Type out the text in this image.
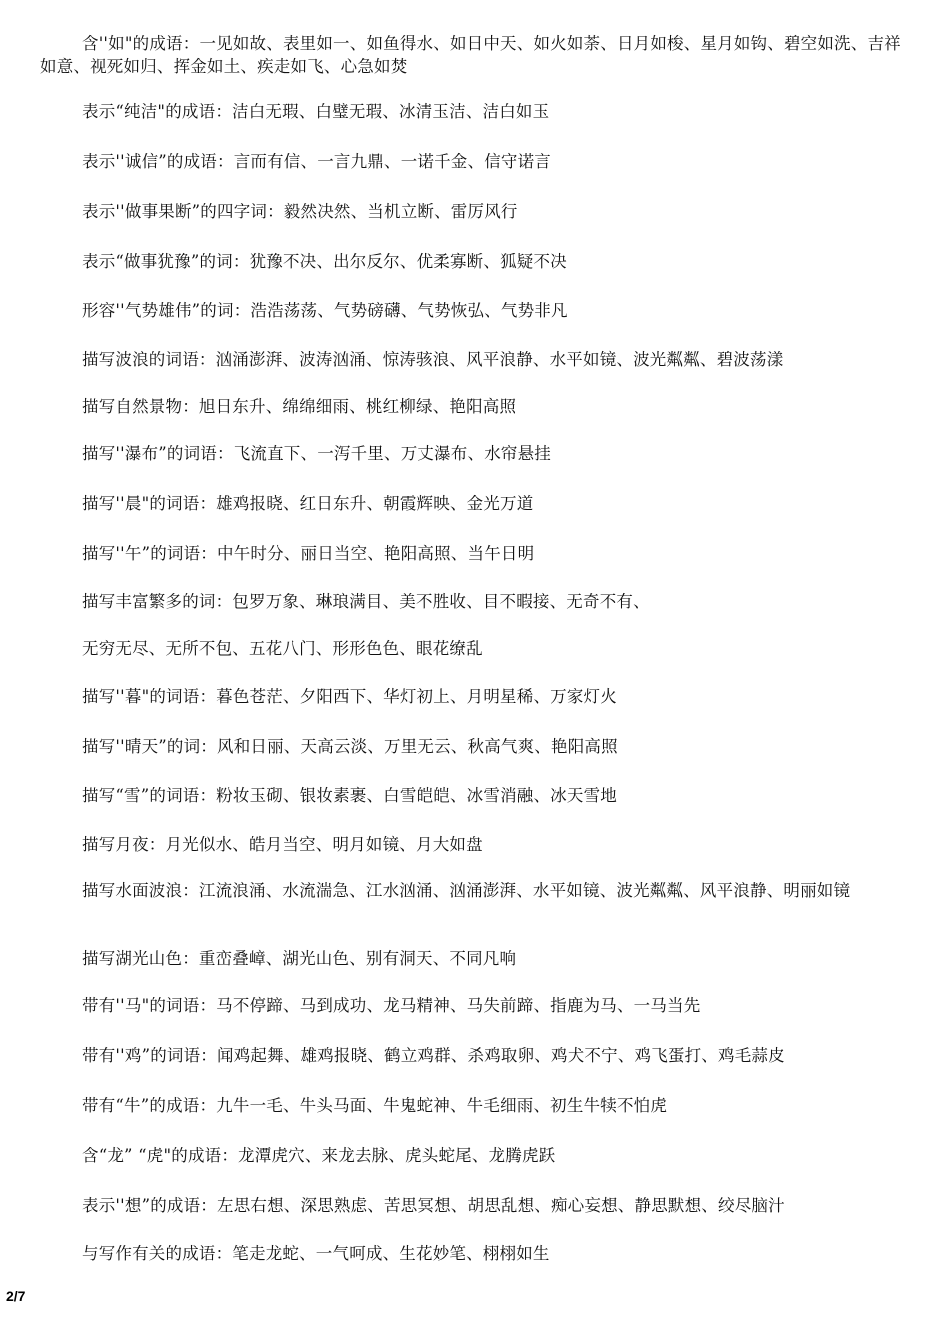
含''如"的成语：一见如故、表里如一、如鱼得水、如日中天、如火如荼、日月如梭、星月如钩、碧空如洗、吉祥如意、视死如归、挥金如土、疾走如飞、心急如焚

表示“纯洁"的成语：洁白无瑕、白璧无瑕、冰清玉洁、洁白如玉

表示''诚信”的成语：言而有信、一言九鼎、一诺千金、信守诺言

表示''做事果断”的四字词：毅然决然、当机立断、雷厉风行

表示“做事犹豫”的词：犹豫不决、出尔反尔、优柔寡断、狐疑不决

形容''气势雄伟”的词：浩浩荡荡、气势磅礴、气势恢弘、气势非凡

描写波浪的词语：汹涌澎湃、波涛汹涌、惊涛骇浪、风平浪静、水平如镜、波光粼粼、碧波荡漾

描写自然景物：旭日东升、绵绵细雨、桃红柳绿、艳阳高照

描写''瀑布”的词语：飞流直下、一泻千里、万丈瀑布、水帘悬挂

描写''晨"的词语：雄鸡报晓、红日东升、朝霞辉映、金光万道

描写''午”的词语：中午时分、丽日当空、艳阳高照、当午日明

描写丰富繁多的词：包罗万象、琳琅满目、美不胜收、目不暇接、无奇不有、

无穷无尽、无所不包、五花八门、形形色色、眼花缭乱

描写''暮"的词语：暮色苍茫、夕阳西下、华灯初上、月明星稀、万家灯火

描写''晴天”的词：风和日丽、天高云淡、万里无云、秋高气爽、艳阳高照

描写“雪”的词语：粉妆玉砌、银妆素裹、白雪皑皑、冰雪消融、冰天雪地

描写月夜：月光似水、皓月当空、明月如镜、月大如盘

描写水面波浪：江流浪涌、水流湍急、江水汹涌、汹涌澎湃、水平如镜、波光粼粼、风平浪静、明丽如镜

描写湖光山色：重峦叠嶂、湖光山色、别有洞天、不同凡响

带有''马"的词语：马不停蹄、马到成功、龙马精神、马失前蹄、指鹿为马、一马当先

带有''鸡”的词语：闻鸡起舞、雄鸡报晓、鹤立鸡群、杀鸡取卵、鸡犬不宁、鸡飞蛋打、鸡毛蒜皮

带有“牛”的成语：九牛一毛、牛头马面、牛鬼蛇神、牛毛细雨、初生牛犊不怕虎

含“龙” “虎"的成语：龙潭虎穴、来龙去脉、虎头蛇尾、龙腾虎跃

表示''想”的成语：左思右想、深思熟虑、苦思冥想、胡思乱想、痴心妄想、静思默想、绞尽脑汁

与写作有关的成语：笔走龙蛇、一气呵成、生花妙笔、栩栩如生

2/7
